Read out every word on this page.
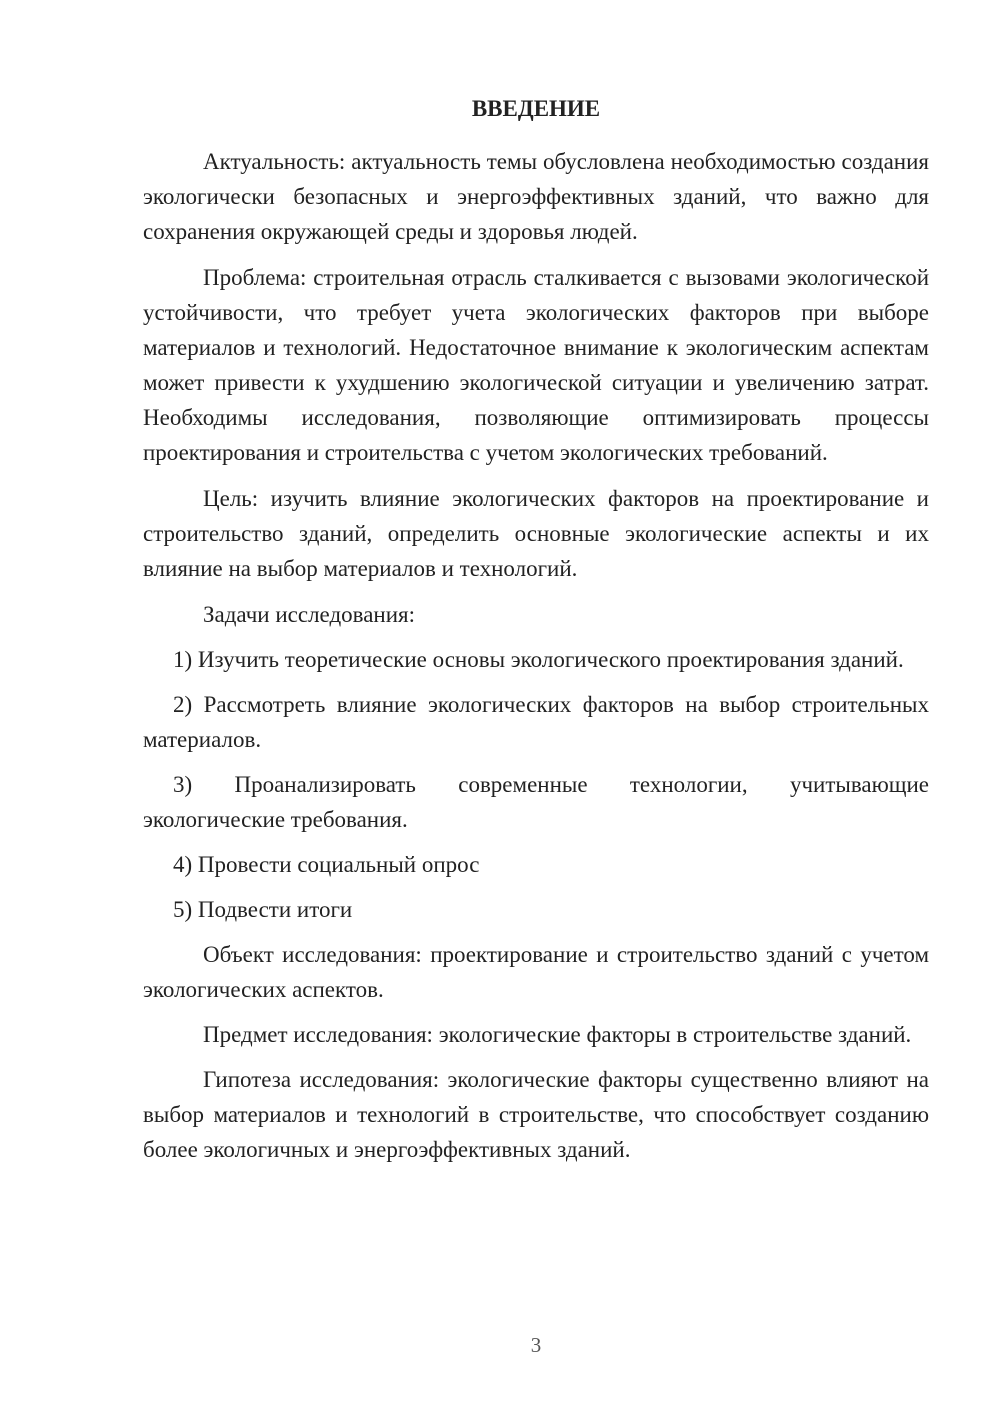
ВВЕДЕНИЕ

Актуальность: актуальность темы обусловлена необходимостью создания экологически безопасных и энергоэффективных зданий, что важно для сохранения окружающей среды и здоровья людей.

Проблема: строительная отрасль сталкивается с вызовами экологической устойчивости, что требует учета экологических факторов при выборе материалов и технологий. Недостаточное внимание к экологическим аспектам может привести к ухудшению экологической ситуации и увеличению затрат. Необходимы исследования, позволяющие оптимизировать процессы проектирования и строительства с учетом экологических требований.

Цель: изучить влияние экологических факторов на проектирование и строительство зданий, определить основные экологические аспекты и их влияние на выбор материалов и технологий.

Задачи исследования:

1) Изучить теоретические основы экологического проектирования зданий.

2) Рассмотреть влияние экологических факторов на выбор строительных материалов.

3) Проанализировать современные технологии, учитывающие экологические требования.

4) Провести социальный опрос

5) Подвести итоги

Объект исследования: проектирование и строительство зданий с учетом экологических аспектов.

Предмет исследования: экологические факторы в строительстве зданий.

Гипотеза исследования: экологические факторы существенно влияют на выбор материалов и технологий в строительстве, что способствует созданию более экологичных и энергоэффективных зданий.

3
